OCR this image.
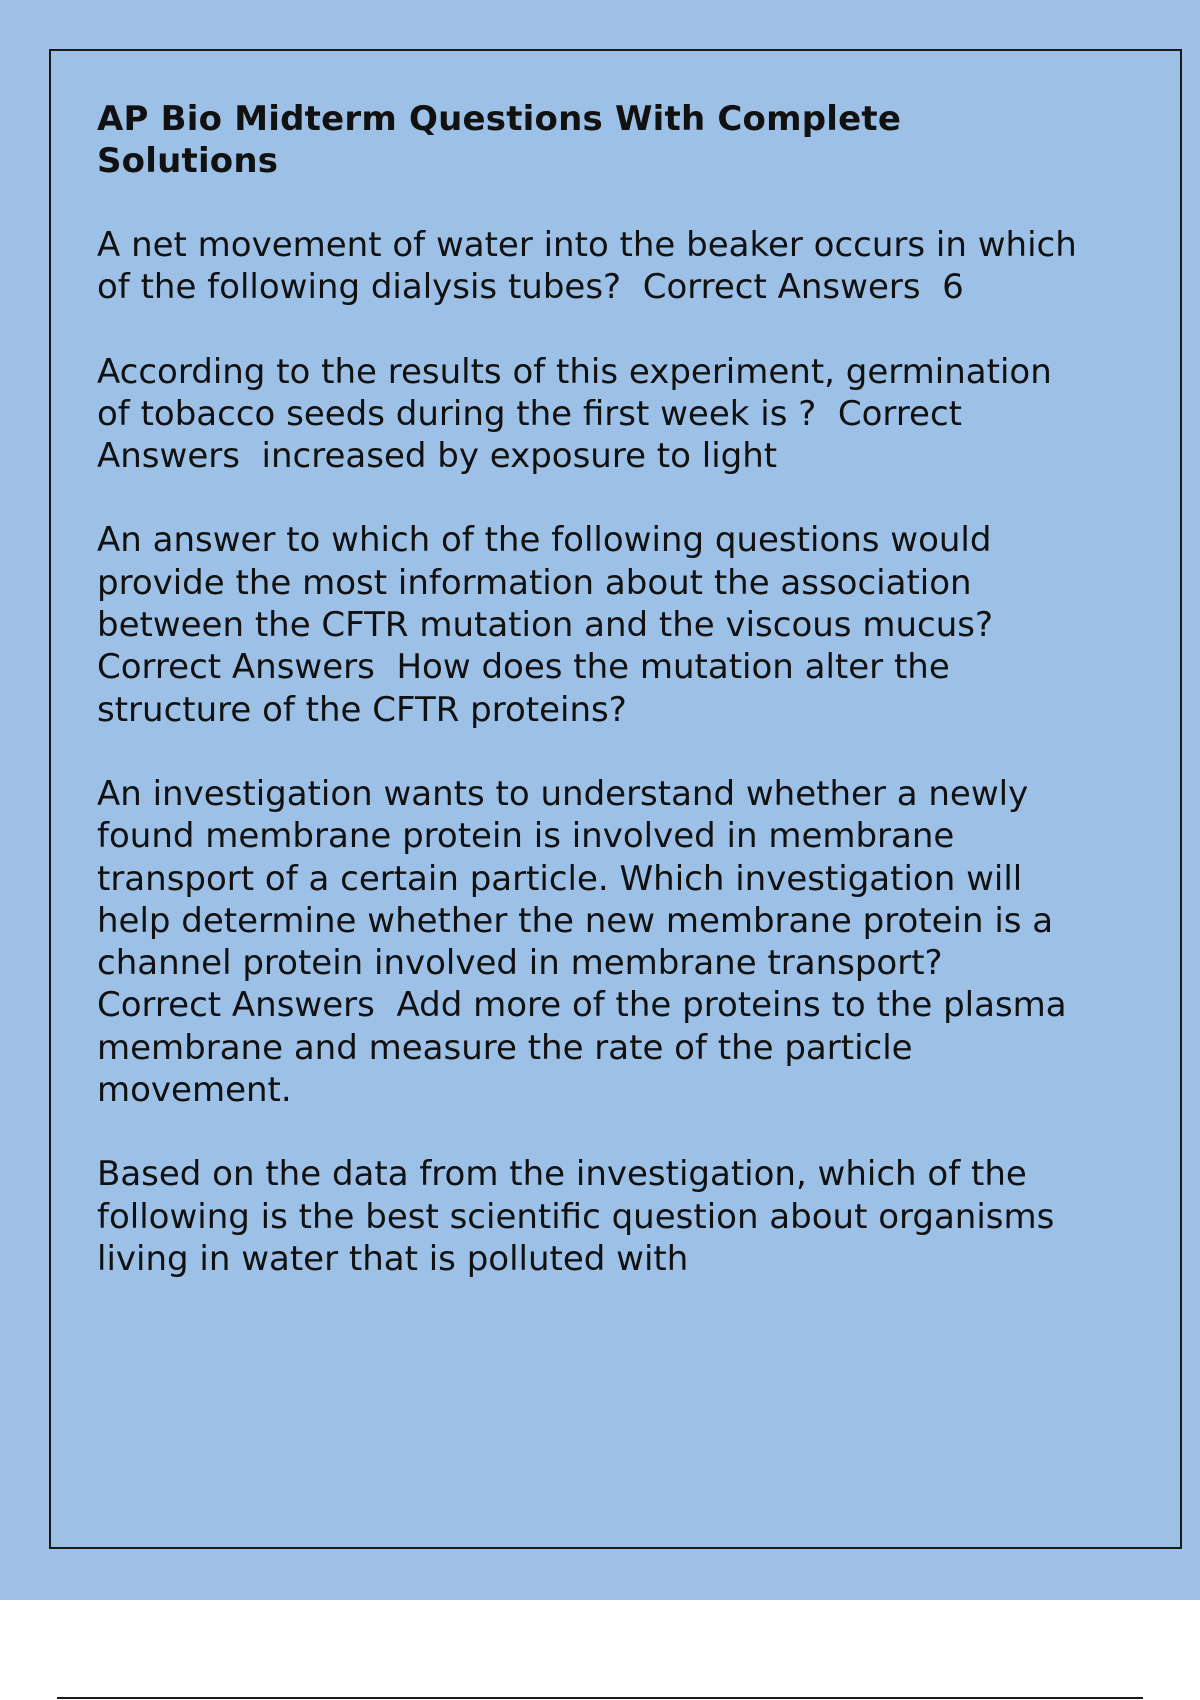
AP Bio Midterm Questions With Complete Solutions

A net movement of water into the beaker occurs in which of the following dialysis tubes?  Correct Answers  6

According to the results of this experiment, germination of tobacco seeds during the first week is ?  Correct Answers  increased by exposure to light

An answer to which of the following questions would provide the most information about the association between the CFTR mutation and the viscous mucus?  Correct Answers  How does the mutation alter the structure of the CFTR proteins?

An investigation wants to understand whether a newly found membrane protein is involved in membrane transport of a certain particle. Which investigation will help determine whether the new membrane protein is a channel protein involved in membrane transport?  Correct Answers  Add more of the proteins to the plasma membrane and measure the rate of the particle movement.

Based on the data from the investigation, which of the following is the best scientific question about organisms living in water that is polluted with
